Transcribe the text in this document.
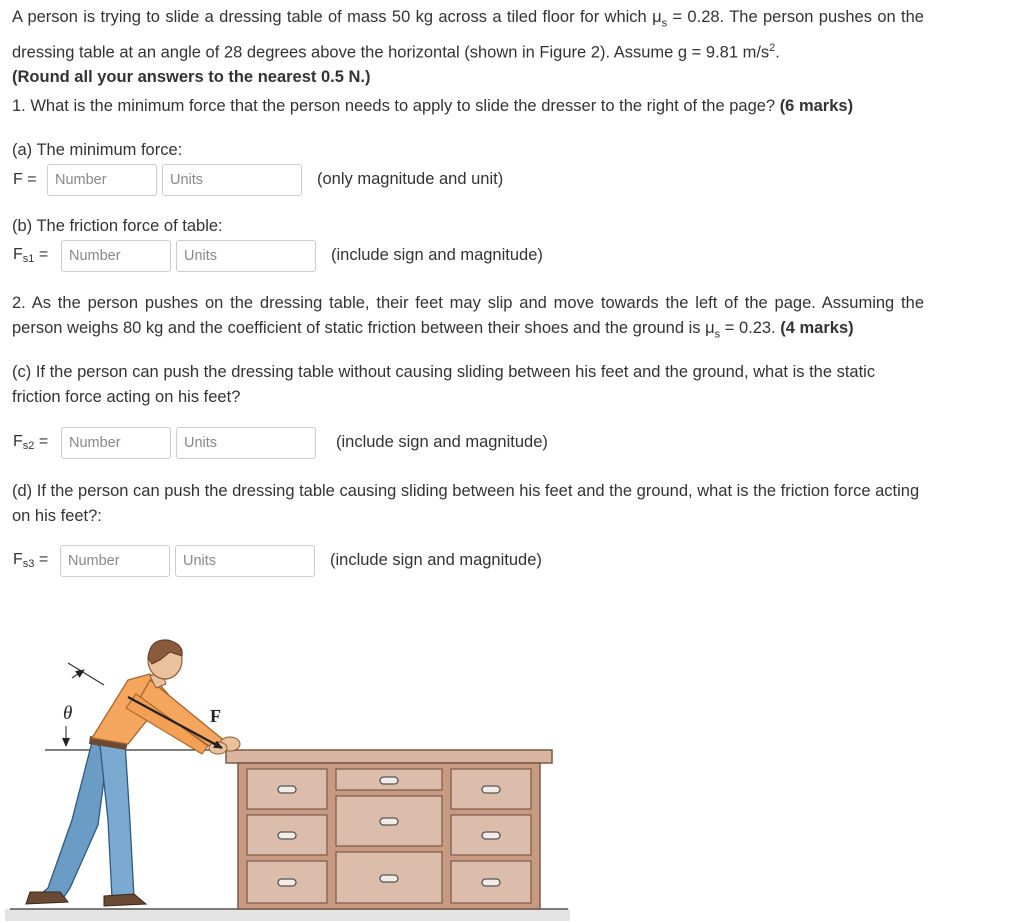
A person is trying to slide a dressing table of mass 50 kg across a tiled floor for which $\mu_s = 0.28$. The person pushes on the dressing table at an angle of 28 degrees above the horizontal (shown in Figure 2). Assume g = 9.81 $m/s^2$.
(Round all your answers to the nearest 0.5 N.)
1. What is the minimum force that the person needs to apply to slide the dresser to the right of the page? (6 marks)
(a) The minimum force:
F =
Number
Units	(only magnitude and unit)
(b) The friction force of table:
$F_{s1}$ =
Number
Units	(include sign and magnitude)
2. As the person pushes on the dressing table, their feet may slip and move towards the left of the page. Assuming the person weighs 80 kg and the coefficient of static friction between their shoes and the ground is $\mu_s = 0.23$. (4 marks)
(c) If the person can push the dressing table without causing sliding between his feet and the ground, what is the static friction force acting on his feet?
$F_{s2}$ =
Number
Units	(include sign and magnitude)
(d) If the person can push the dressing table causing sliding between his feet and the ground, what is the friction force acting on his feet?:
$F_{s3}$ =
Number
Units	(include sign and magnitude)
θ	F
